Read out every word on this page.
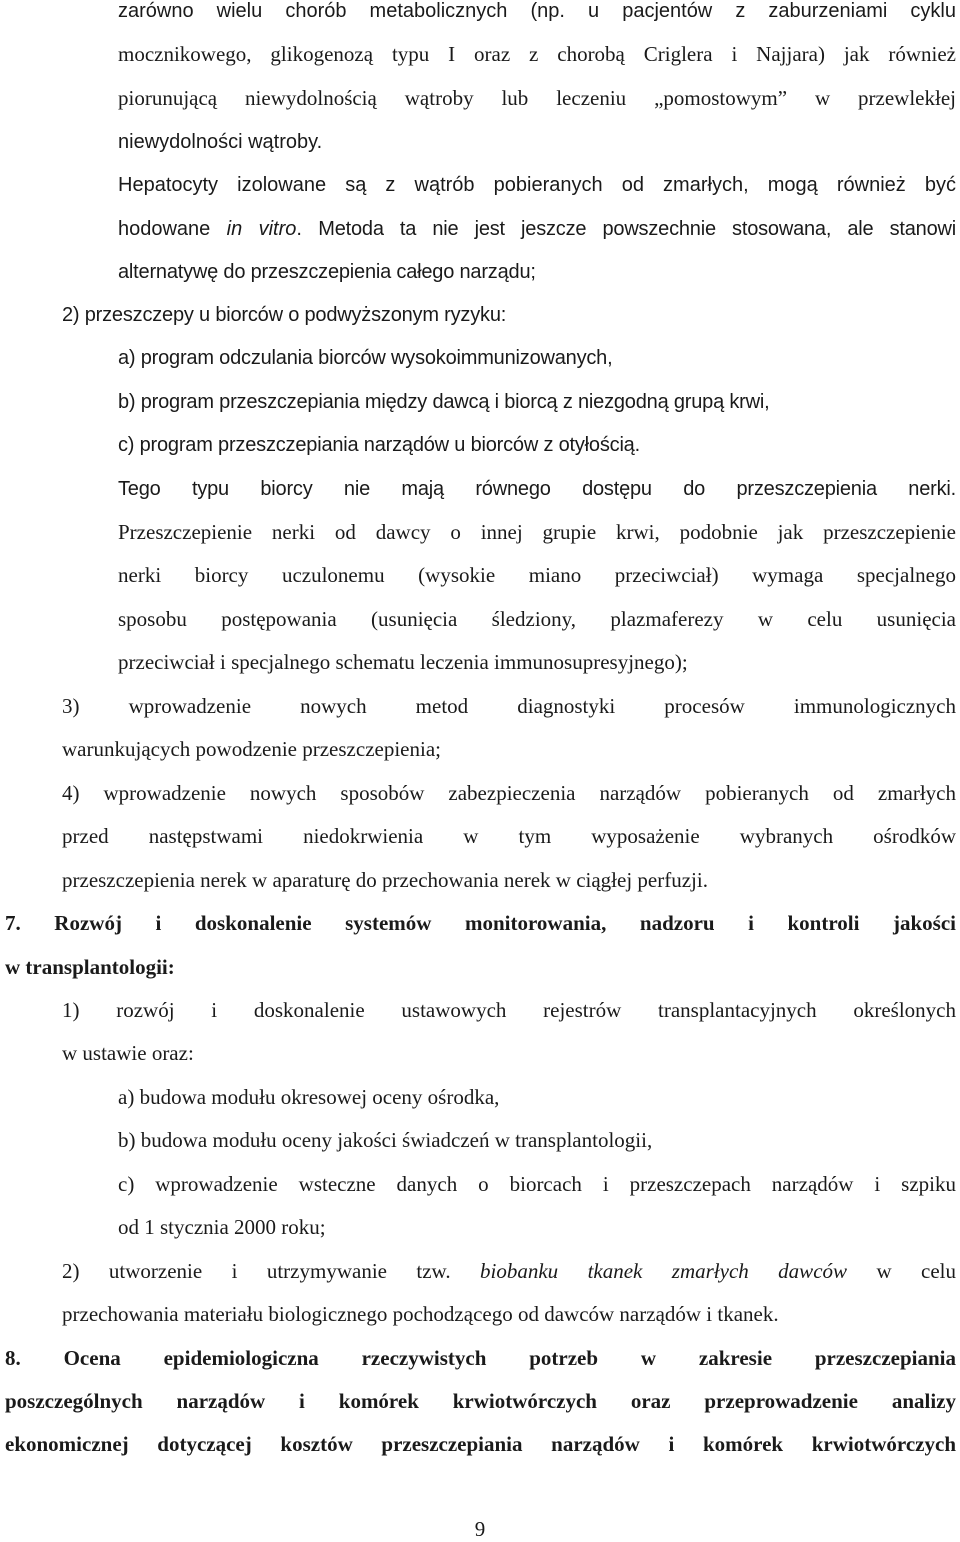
zarówno wielu chorób metabolicznych (np. u pacjentów z zaburzeniami cyklu

mocznikowego, glikogenozą typu I oraz z chorobą Criglera i Najjara) jak również

piorunującą niewydolnością wątroby lub leczeniu „pomostowym” w przewlekłej

niewydolności wątroby.

Hepatocyty izolowane są z wątrób pobieranych od zmarłych, mogą również być

hodowane in vitro. Metoda ta nie jest jeszcze powszechnie stosowana, ale stanowi

alternatywę do przeszczepienia całego narządu;

2) przeszczepy u biorców o podwyższonym ryzyku:

a) program odczulania biorców wysokoimmunizowanych,

b) program przeszczepiania między dawcą i biorcą z niezgodną grupą krwi,

c) program przeszczepiania narządów u biorców z otyłością.

Tego typu biorcy nie mają równego dostępu do przeszczepienia nerki.

Przeszczepienie nerki od dawcy o innej grupie krwi, podobnie jak przeszczepienie

nerki biorcy uczulonemu (wysokie miano przeciwciał) wymaga specjalnego

sposobu postępowania (usunięcia śledziony, plazmaferezy w celu usunięcia

przeciwciał i specjalnego schematu leczenia immunosupresyjnego);

3) wprowadzenie nowych metod diagnostyki procesów immunologicznych

warunkujących powodzenie przeszczepienia;

4) wprowadzenie nowych sposobów zabezpieczenia narządów pobieranych od zmarłych

przed następstwami niedokrwienia w tym wyposażenie wybranych ośrodków

przeszczepienia nerek w aparaturę do przechowania nerek w ciągłej perfuzji.

7. Rozwój i doskonalenie systemów monitorowania, nadzoru i kontroli jakości

w transplantologii:

1) rozwój i doskonalenie ustawowych rejestrów transplantacyjnych określonych

w ustawie oraz:

a) budowa modułu okresowej oceny ośrodka,

b) budowa modułu oceny jakości świadczeń w transplantologii,

c) wprowadzenie wsteczne danych o biorcach i przeszczepach narządów i szpiku

od 1 stycznia 2000 roku;

2) utworzenie i utrzymywanie tzw. biobanku tkanek zmarłych dawców w celu

przechowania materiału biologicznego pochodzącego od dawców narządów i tkanek.

8. Ocena epidemiologiczna rzeczywistych potrzeb w zakresie przeszczepiania

poszczególnych narządów i komórek krwiotwórczych oraz przeprowadzenie analizy

ekonomicznej dotyczącej kosztów przeszczepiania narządów i komórek krwiotwórczych

9
